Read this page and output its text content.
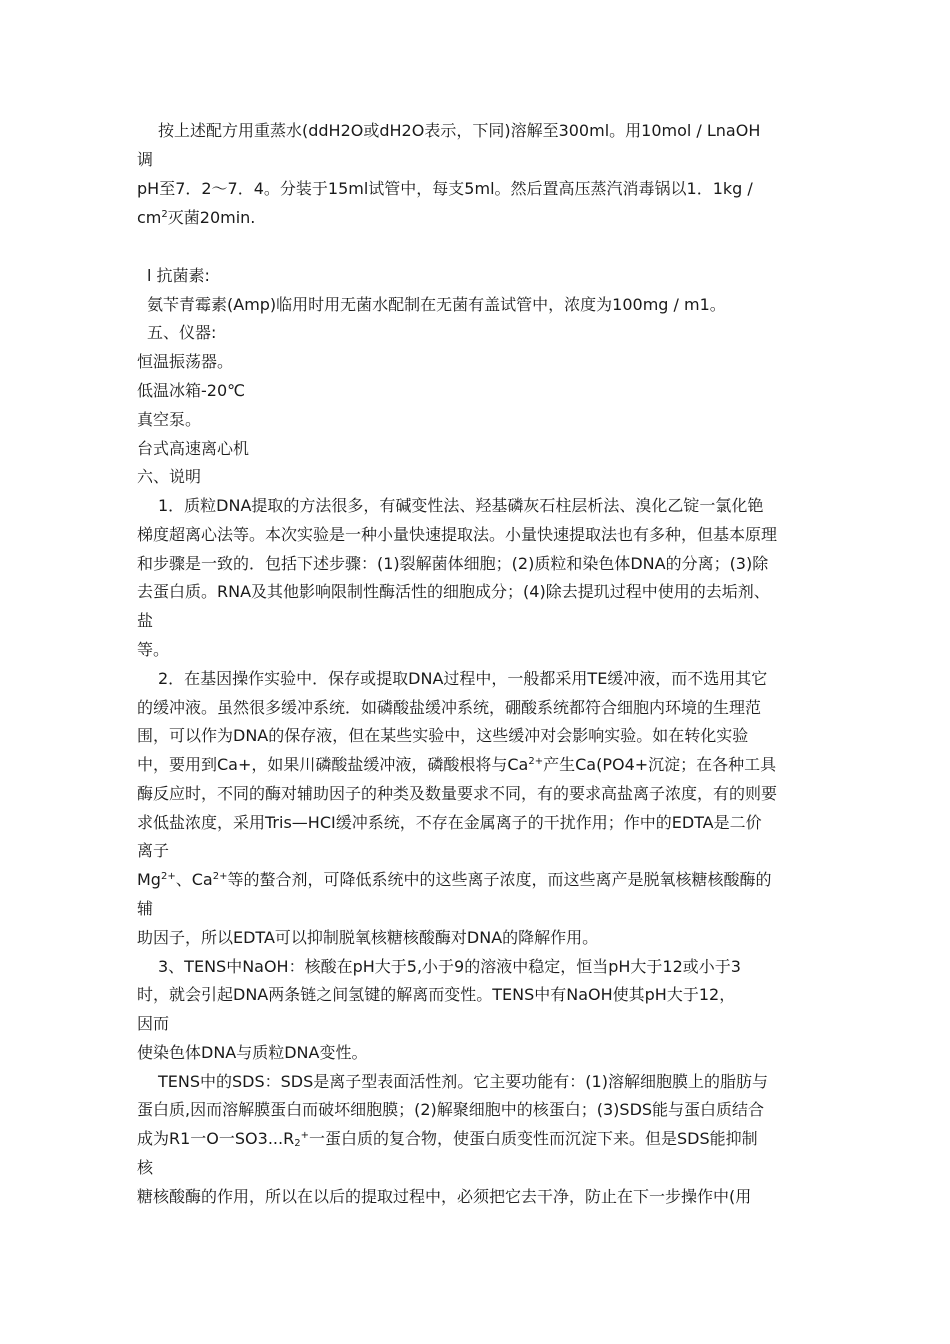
按上述配方用重蒸水(ddH2O或dH2O表示，下同)溶解至300ml。用10mol / LnaOH
调
pH至7．2～7．4。分装于15ml试管中，每支5ml。然后置高压蒸汽消毒锅以1．1kg /
$cm^2$灭菌20min.
l 抗菌素:
氨苄青霉素(Amp)临用时用无菌水配制在无菌有盖试管中，浓度为100mg / m1。
五、仪器:
恒温振荡器。
低温冰箱-20℃
真空泵。
台式高速离心机
六、说明
1．质粒DNA提取的方法很多，有碱变性法、羟基磷灰石柱层析法、溴化乙锭一氯化铯
梯度超离心法等。本次实验是一种小量快速提取法。小量快速提取法也有多种，但基本原理
和步骤是一致的．包括下述步骤：(1)裂解菌体细胞；(2)质粒和染色体DNA的分离；(3)除
去蛋白质。RNA及其他影响限制性酶活性的细胞成分；(4)除去提玑过程中使用的去垢剂、
盐
等。
2．在基因操作实验中．保存或提取DNA过程中，一般都采用TE缓冲液，而不选用其它
的缓冲液。虽然很多缓冲系统．如磷酸盐缓冲系统，硼酸系统都符合细胞内环境的生理范
围，可以作为DNA的保存液，但在某些实验中，这些缓冲对会影响实验。如在转化实验
中，要用到Ca+，如果川磷酸盐缓冲液，磷酸根将与$Ca^{2+}$产生Ca(PO4+沉淀；在各种工具
酶反应时，不同的酶对辅助因子的种类及数量要求不同，有的要求高盐离子浓度，有的则要
求低盐浓度，采用Tris—HCI缓冲系统，不存在金属离子的干扰作用；作中的EDTA是二价
离子
$Mg^{2+}$、$Ca^{2+}$等的螯合剂，可降低系统中的这些离子浓度，而这些离产是脱氧核糖核酸酶的
辅
助因子，所以EDTA可以抑制脱氧核糖核酸酶对DNA的降解作用。
3、TENS中NaOH：核酸在pH大于5,小于9的溶液中稳定，恒当pH大于12或小于3
时，就会引起DNA两条链之间氢键的解离而变性。TENS中有NaOH使其pH大于12，
因而
使染色体DNA与质粒DNA变性。
TENS中的SDS：SDS是离子型表面活性剂。它主要功能有：(1)溶解细胞膜上的脂肪与
蛋白质,因而溶解膜蛋白而破坏细胞膜；(2)解聚细胞中的核蛋白；(3)SDS能与蛋白质结合
成为R1一O一$SO3...R_2^+$一蛋白质的复合物，使蛋白质变性而沉淀下来。但是SDS能抑制
核
糖核酸酶的作用，所以在以后的提取过程中，必须把它去干净，防止在下一步操作中(用
